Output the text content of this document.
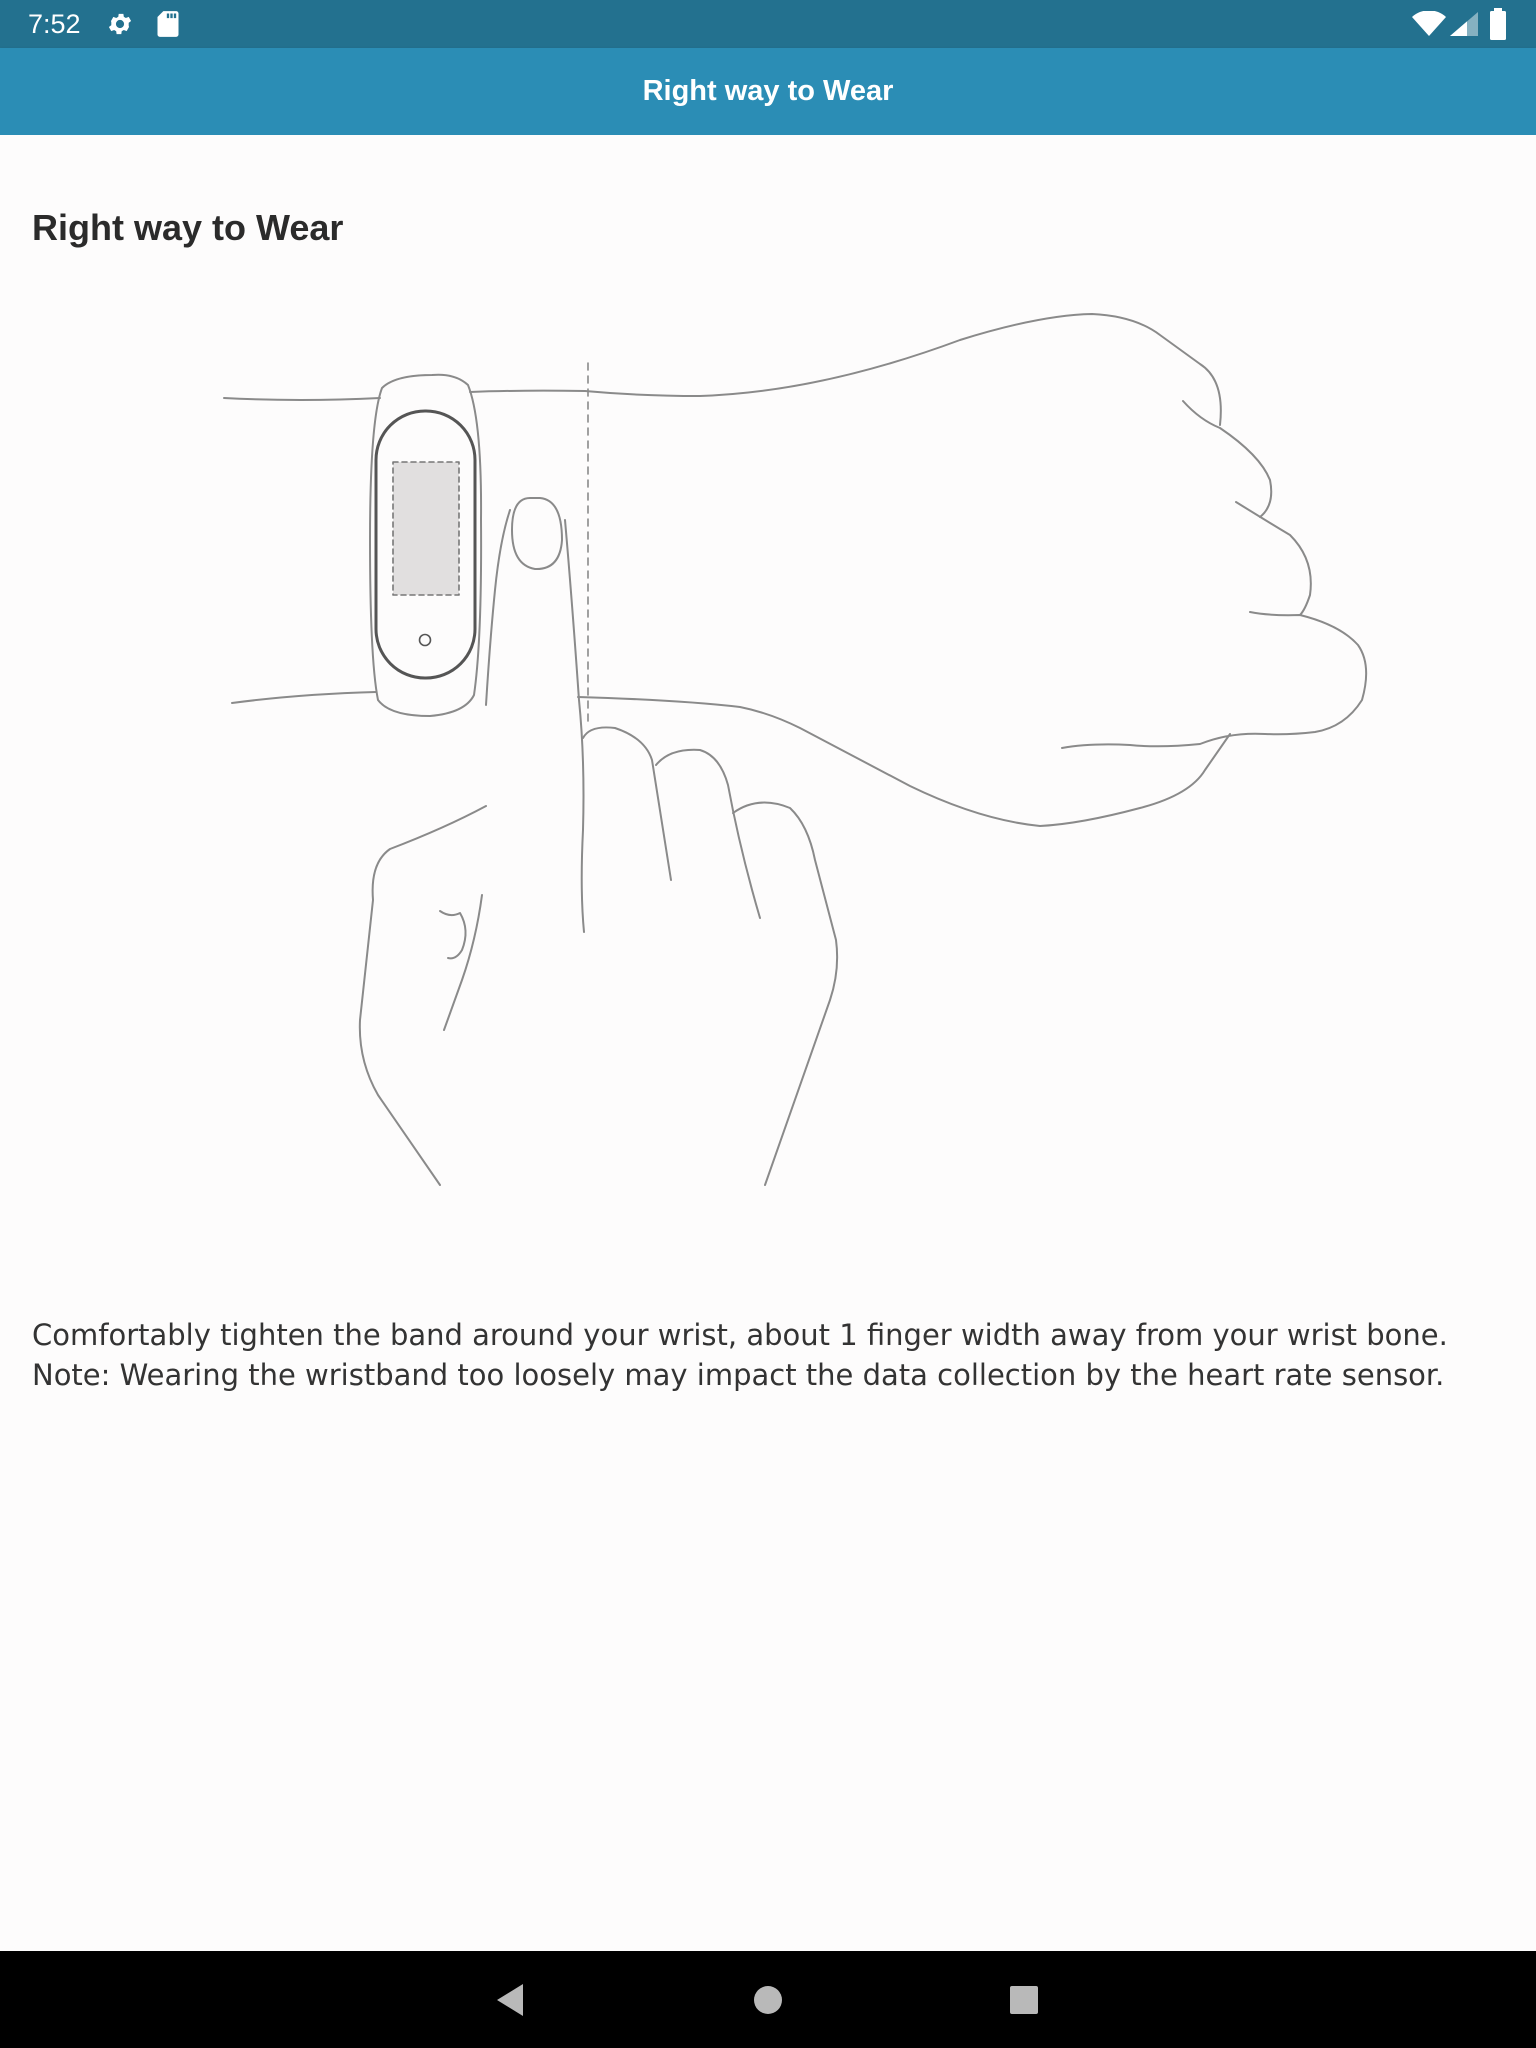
7:52
Right way to Wear
Right way to Wear

Comfortably tighten the band around your wrist, about 1 finger width away from your wrist bone. Note: Wearing the wristband too loosely may impact the data collection by the heart rate sensor.
